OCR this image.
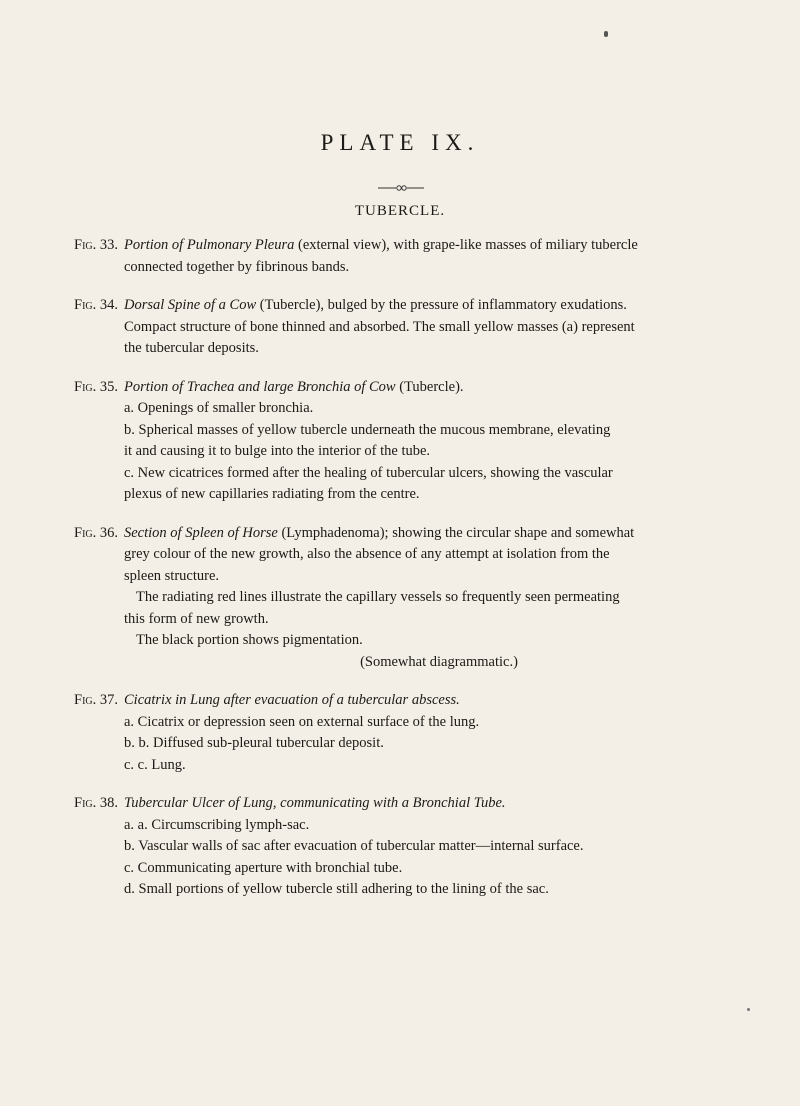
PLATE IX.
TUBERCLE.
Fig. 33. Portion of Pulmonary Pleura (external view), with grape-like masses of miliary tubercle
connected together by fibrinous bands.
Fig. 34. Dorsal Spine of a Cow (Tubercle), bulged by the pressure of inflammatory exudations.
Compact structure of bone thinned and absorbed. The small yellow masses (a) represent
the tubercular deposits.
Fig. 35. Portion of Trachea and large Bronchia of Cow (Tubercle).
a. Openings of smaller bronchia.
b. Spherical masses of yellow tubercle underneath the mucous membrane, elevating
it and causing it to bulge into the interior of the tube.
c. New cicatrices formed after the healing of tubercular ulcers, showing the vascular
plexus of new capillaries radiating from the centre.
Fig. 36. Section of Spleen of Horse (Lymphadenoma); showing the circular shape and somewhat
grey colour of the new growth, also the absence of any attempt at isolation from the
spleen structure.
The radiating red lines illustrate the capillary vessels so frequently seen permeating
this form of new growth.
The black portion shows pigmentation.
(Somewhat diagrammatic.)
Fig. 37. Cicatrix in Lung after evacuation of a tubercular abscess.
a. Cicatrix or depression seen on external surface of the lung.
b. b. Diffused sub-pleural tubercular deposit.
c. c. Lung.
Fig. 38. Tubercular Ulcer of Lung, communicating with a Bronchial Tube.
a. a. Circumscribing lymph-sac.
b. Vascular walls of sac after evacuation of tubercular matter—internal surface.
c. Communicating aperture with bronchial tube.
d. Small portions of yellow tubercle still adhering to the lining of the sac.
